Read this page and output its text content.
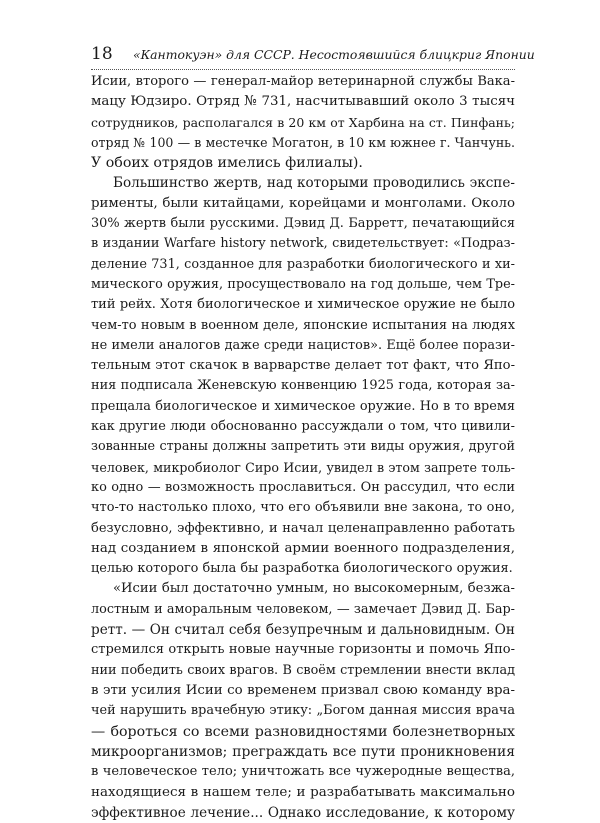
18 «Кантокуэн» для СССР. Несостоявшийся блицкриг Японии
Исии, второго — генерал-майор ветеринарной службы Вака-
мацу Юдзиро. Отряд № 731, насчитывавший около 3 тысяч
сотрудников, располагался в 20 км от Харбина на ст. Пинфань;
отряд № 100 — в местечке Могатон, в 10 км южнее г. Чанчунь.
У обоих отрядов имелись филиалы).
Большинство жертв, над которыми проводились экспе-
рименты, были китайцами, корейцами и монголами. Около
30% жертв были русскими. Дэвид Д. Барретт, печатающийся
в издании Warfare history network, свидетельствует: «Подраз-
деление 731, созданное для разработки биологического и хи-
мического оружия, просуществовало на год дольше, чем Тре-
тий рейх. Хотя биологическое и химическое оружие не было
чем-то новым в военном деле, японские испытания на людях
не имели аналогов даже среди нацистов». Ещё более порази-
тельным этот скачок в варварстве делает тот факт, что Япо-
ния подписала Женевскую конвенцию 1925 года, которая за-
прещала биологическое и химическое оружие. Но в то время
как другие люди обоснованно рассуждали о том, что цивили-
зованные страны должны запретить эти виды оружия, другой
человек, микробиолог Сиро Исии, увидел в этом запрете толь-
ко одно — возможность прославиться. Он рассудил, что если
что-то настолько плохо, что его объявили вне закона, то оно,
безусловно, эффективно, и начал целенаправленно работать
над созданием в японской армии военного подразделения,
целью которого была бы разработка биологического оружия.
«Исии был достаточно умным, но высокомерным, безжа-
лостным и аморальным человеком, — замечает Дэвид Д. Бар-
ретт. — Он считал себя безупречным и дальновидным. Он
стремился открыть новые научные горизонты и помочь Япо-
нии победить своих врагов. В своём стремлении внести вклад
в эти усилия Исии со временем призвал свою команду вра-
чей нарушить врачебную этику: „Богом данная миссия врача
— бороться со всеми разновидностями болезнетворных
микроорганизмов; преграждать все пути проникновения
в человеческое тело; уничтожать все чужеродные вещества,
находящиеся в нашем теле; и разрабатывать максимально
эффективное лечение... Однако исследование, к которому
